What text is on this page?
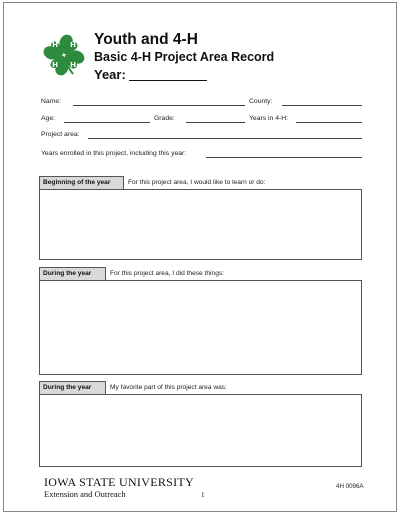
H H
H H
Youth and 4-H
Basic 4-H Project Area Record
Year:
Name:	County:
Age:	Grade:	Years in 4-H:
Project area:
Years enrolled in this project, including this year:
Beginning of the year	For this project area, I would like to learn or do:
During the year	For this project area, I did these things:
During the year	My favorite part of this project area was:
IOWA STATE UNIVERSITY
Extension and Outreach	1
4H 0096A
